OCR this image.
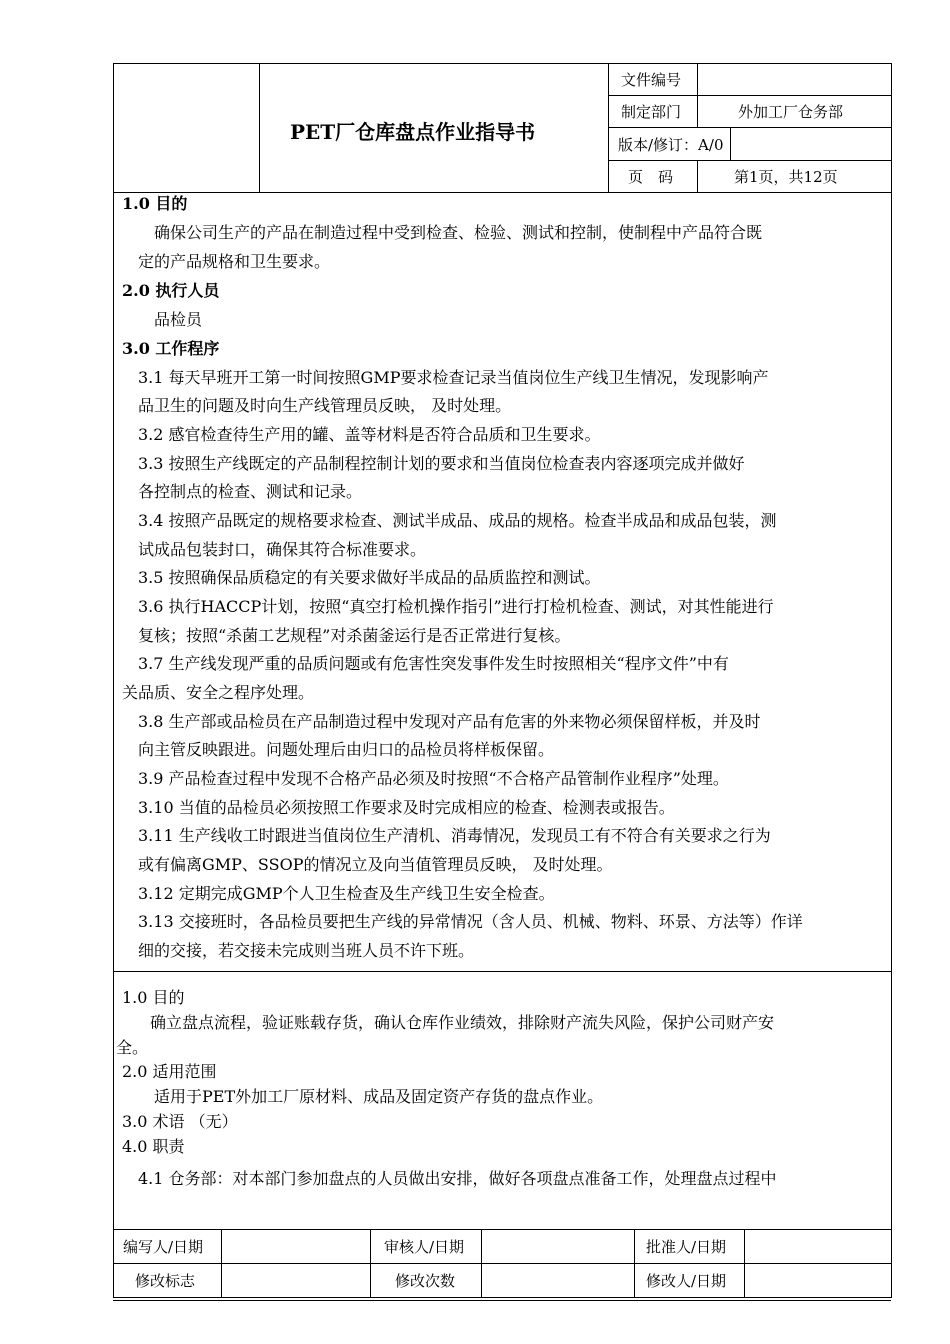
PET厂仓库盘点作业指导书
文件编号
制定部门	外加工厂仓务部
版本/修订：A/0
页　码	第1页，共12页
1.0 目的
　　确保公司生产的产品在制造过程中受到检查、检验、测试和控制，使制程中产品符合既
　定的产品规格和卫生要求。
2.0 执行人员
　　品检员
3.0 工作程序
　3.1 每天早班开工第一时间按照GMP要求检查记录当值岗位生产线卫生情况，发现影响产
　品卫生的问题及时向生产线管理员反映， 及时处理。
　3.2 感官检查待生产用的罐、盖等材料是否符合品质和卫生要求。
　3.3 按照生产线既定的产品制程控制计划的要求和当值岗位检查表内容逐项完成并做好
　各控制点的检查、测试和记录。
　3.4 按照产品既定的规格要求检查、测试半成品、成品的规格。检查半成品和成品包装，测
　试成品包装封口，确保其符合标准要求。
　3.5 按照确保品质稳定的有关要求做好半成品的品质监控和测试。
　3.6 执行HACCP计划，按照“真空打检机操作指引”进行打检机检查、测试，对其性能进行
　复核；按照“杀菌工艺规程”对杀菌釜运行是否正常进行复核。
　3.7 生产线发现严重的品质问题或有危害性突发事件发生时按照相关“程序文件”中有
关品质、安全之程序处理。
　3.8 生产部或品检员在产品制造过程中发现对产品有危害的外来物必须保留样板，并及时
　向主管反映跟进。问题处理后由归口的品检员将样板保留。
　3.9 产品检查过程中发现不合格产品必须及时按照“不合格产品管制作业程序”处理。
　3.10 当值的品检员必须按照工作要求及时完成相应的检查、检测表或报告。
　3.11 生产线收工时跟进当值岗位生产清机、消毒情况，发现员工有不符合有关要求之行为
　或有偏离GMP、SSOP的情况立及向当值管理员反映， 及时处理。
　3.12 定期完成GMP个人卫生检查及生产线卫生安全检查。
　3.13 交接班时，各品检员要把生产线的异常情况（含人员、机械、物料、环景、方法等）作详
　细的交接，若交接未完成则当班人员不许下班。
1.0 目的
　　确立盘点流程，验证账载存货，确认仓库作业绩效，排除财产流失风险，保护公司财产安
全。
2.0 适用范围
　　适用于PET外加工厂原材料、成品及固定资产存货的盘点作业。
3.0 术语 （无）
4.0 职责
　4.1 仓务部：对本部门参加盘点的人员做出安排，做好各项盘点准备工作，处理盘点过程中
编写人/日期	审核人/日期	批准人/日期
修改标志	修改次数	修改人/日期
